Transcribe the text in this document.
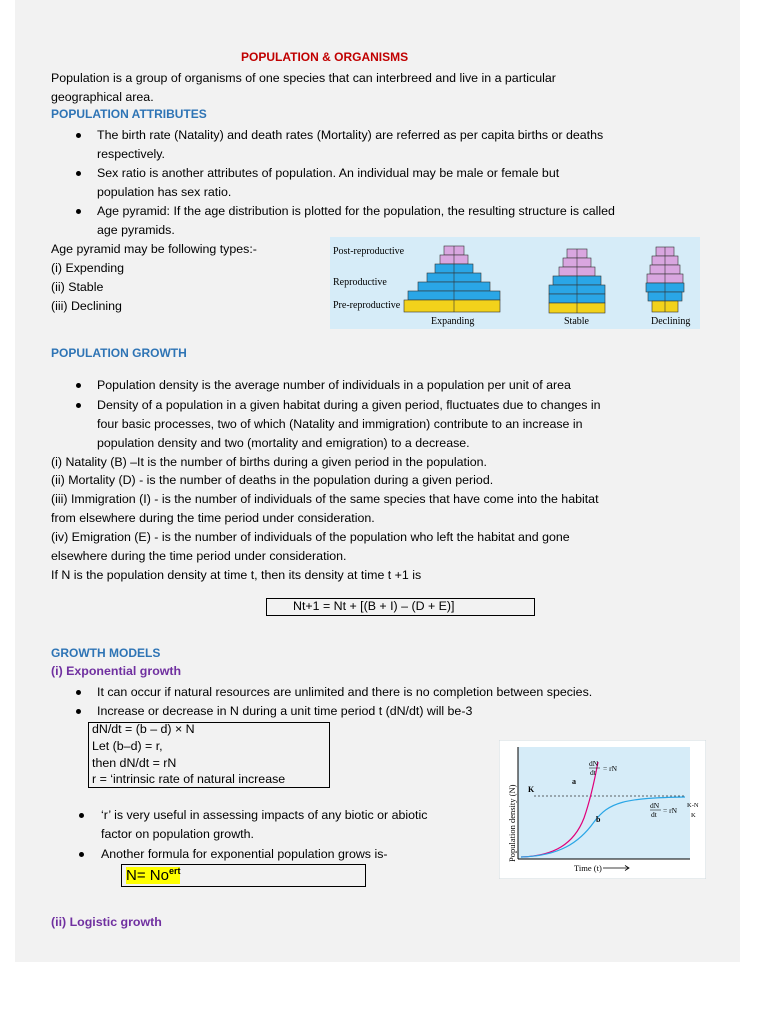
POPULATION & ORGANISMS
Population is a group of organisms of one species that can interbreed and live in a particular
geographical area.
POPULATION ATTRIBUTES
The birth rate (Natality) and death rates (Mortality) are referred as per capita births or deaths
respectively.
Sex ratio is another attributes of population. An individual may be male or female but
population has sex ratio.
Age pyramid: If the age distribution is plotted for the population, the resulting structure is called
age pyramids.
Age pyramid may be following types:-
(i) Expending
(ii) Stable
(iii) Declining
Post-reproductive
Reproductive
Pre-reproductive
Expanding	Stable	Declining
POPULATION GROWTH
Population density is the average number of individuals in a population per unit of area
Density of a population in a given habitat during a given period, fluctuates due to changes in
four basic processes, two of which (Natality and immigration) contribute to an increase in
population density and two (mortality and emigration) to a decrease.
(i) Natality (B) –It is the number of births during a given period in the population.
(ii) Mortality (D) - is the number of deaths in the population during a given period.
(iii) Immigration (I) - is the number of individuals of the same species that have come into the habitat
from elsewhere during the time period under consideration.
(iv) Emigration (E) - is the number of individuals of the population who left the habitat and gone
elsewhere during the time period under consideration.
If N is the population density at time t, then its density at time t +1 is
Nt+1 = Nt + [(B + I) – (D + E)]
GROWTH MODELS
(i) Exponential growth
It can occur if natural resources are unlimited and there is no completion between species.
Increase or decrease in N during a unit time period t (dN/dt) will be-3
dN/dt = (b – d) × N
Let (b–d) = r,
then dN/dt = rN
r = ‘intrinsic rate of natural increase
‘r’ is very useful in assessing impacts of any biotic or abiotic
factor on population growth.
Another formula for exponential population grows is-
$N= No^{ert}$
(ii) Logistic growth
Population density (N)
Time (t)
K
a
b
dN
dt = rN
dN
dt = rN
K-N
K
